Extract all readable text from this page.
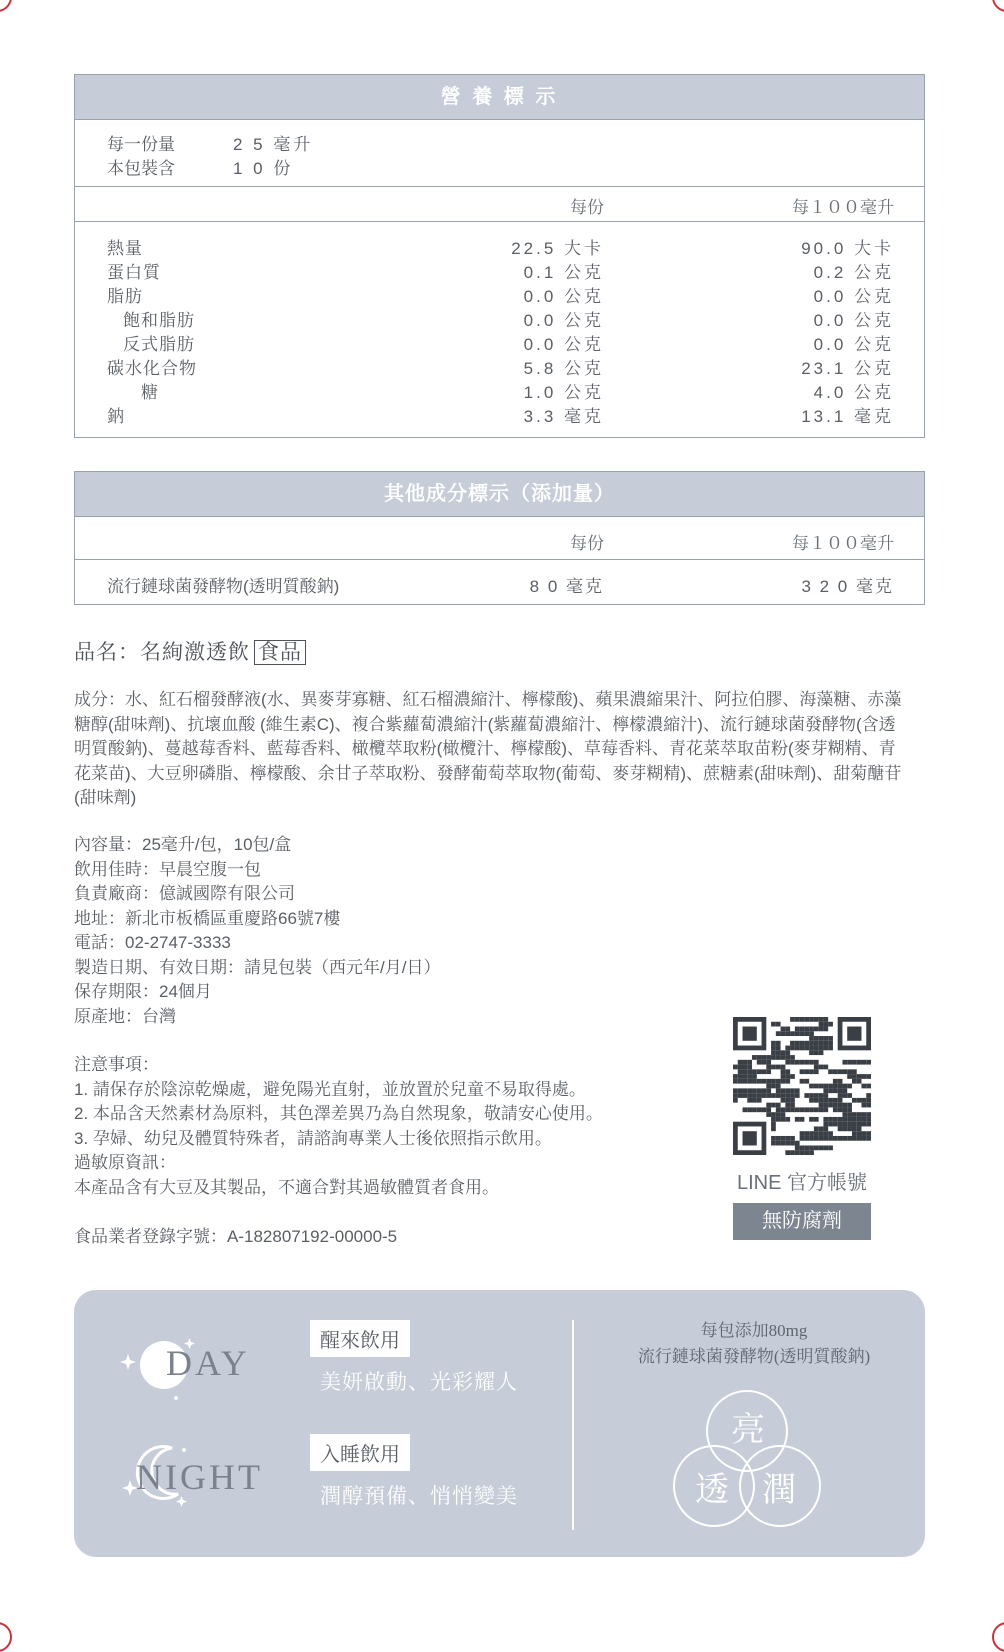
營 養 標 示
每一份量	2 5 毫升
本包裝含	1 0 份
每份	每１００毫升
熱量	22.5 大卡	90.0 大卡
蛋白質	0.1 公克	0.2 公克
脂肪	0.0 公克	0.0 公克
飽和脂肪	0.0 公克	0.0 公克
反式脂肪	0.0 公克	0.0 公克
碳水化合物	5.8 公克	23.1 公克
糖	1.0 公克	4.0 公克
鈉	3.3 毫克	13.1 毫克
其他成分標示（添加量）
每份	每１００毫升
流行鏈球菌發酵物(透明質酸鈉)	8 0 毫克	3 2 0 毫克
品名：名絢激透飲 食品
成分：水、紅石榴發酵液(水、異麥芽寡糖、紅石榴濃縮汁、檸檬酸)、蘋果濃縮果汁、阿拉伯膠、海藻糖、赤藻
糖醇(甜味劑)、抗壞血酸 (維生素C)、複合紫蘿蔔濃縮汁(紫蘿蔔濃縮汁、檸檬濃縮汁)、流行鏈球菌發酵物(含透
明質酸鈉)、蔓越莓香料、藍莓香料、橄欖萃取粉(橄欖汁、檸檬酸)、草莓香料、青花菜萃取苗粉(麥芽糊精、青
花菜苗)、大豆卵磷脂、檸檬酸、余甘子萃取粉、發酵葡萄萃取物(葡萄、麥芽糊精)、蔗糖素(甜味劑)、甜菊醣苷
(甜味劑)
內容量：25毫升/包，10包/盒
飲用佳時：早晨空腹一包
負責廠商：億誠國際有限公司
地址：新北市板橋區重慶路66號7樓
電話：02-2747-3333
製造日期、有效日期：請見包裝（西元年/月/日）
保存期限：24個月
原產地：台灣
注意事項：
1. 請保存於陰涼乾燥處，避免陽光直射，並放置於兒童不易取得處。
2. 本品含天然素材為原料，其色澤差異乃為自然現象，敬請安心使用。
3. 孕婦、幼兒及體質特殊者，請諮詢專業人士後依照指示飲用。
過敏原資訊：
本產品含有大豆及其製品，不適合對其過敏體質者食用。
食品業者登錄字號：A-182807192-00000-5
LINE 官方帳號
無防腐劑
DAY
醒來飲用
美妍啟動、光彩耀人
NIGHT
入睡飲用
潤醇預備、悄悄變美
每包添加80mg
流行鏈球菌發酵物(透明質酸鈉)
亮
透 潤
